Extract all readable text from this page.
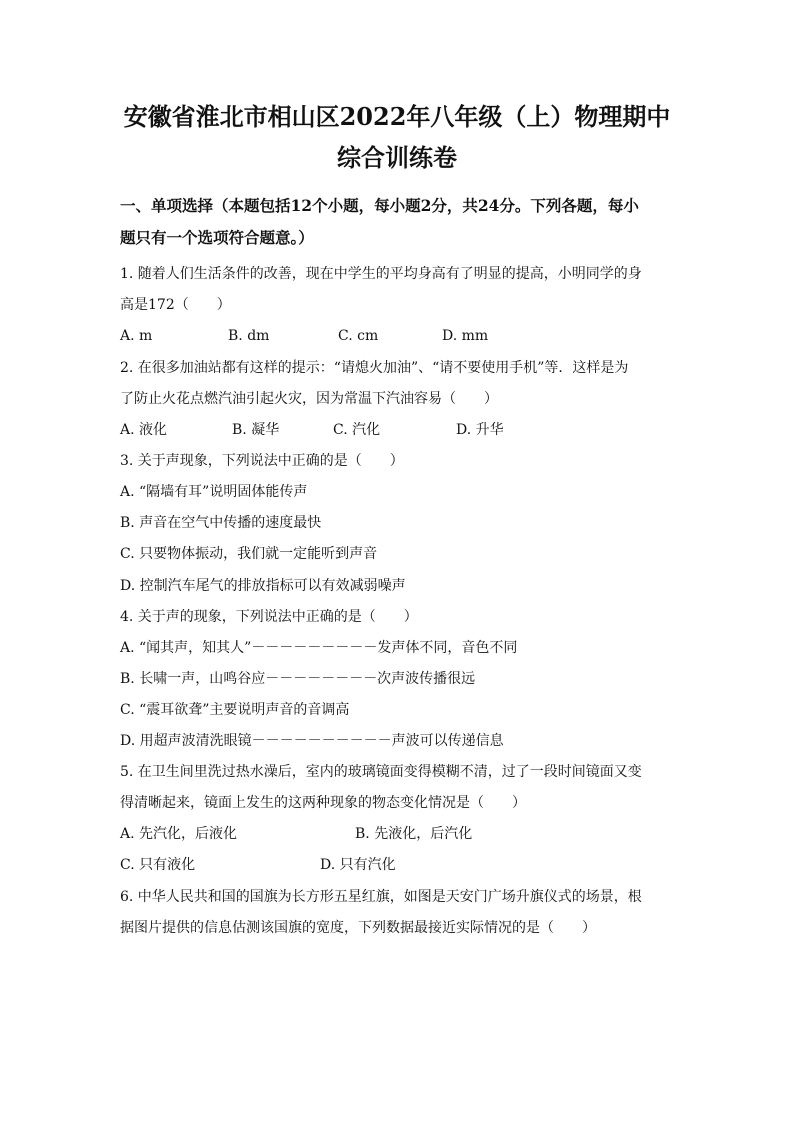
安徽省淮北市相山区2022年八年级（上）物理期中
综合训练卷

一、单项选择（本题包括12个小题，每小题2分，共24分。下列各题，每小

题只有一个选项符合题意。）

1. 随着人们生活条件的改善，现在中学生的平均身高有了明显的提高，小明同学的身

高是172（　　）

A. m	B. dm	C. cm	D. mm

2. 在很多加油站都有这样的提示：“请熄火加油”、“请不要使用手机”等．这样是为

了防止火花点燃汽油引起火灾，因为常温下汽油容易（　　）

A. 液化	B. 凝华	C. 汽化	D. 升华

3. 关于声现象，下列说法中正确的是（　　）

A. “隔墙有耳”说明固体能传声

B. 声音在空气中传播的速度最快

C. 只要物体振动，我们就一定能听到声音

D. 控制汽车尾气的排放指标可以有效减弱噪声

4. 关于声的现象，下列说法中正确的是（　　）

A. “闻其声，知其人”－－－－－－－－－发声体不同，音色不同

B. 长啸一声，山鸣谷应－－－－－－－－次声波传播很远

C. “震耳欲聋”主要说明声音的音调高

D. 用超声波清洗眼镜－－－－－－－－－－声波可以传递信息

5. 在卫生间里洗过热水澡后，室内的玻璃镜面变得模糊不清，过了一段时间镜面又变

得清晰起来，镜面上发生的这两种现象的物态变化情况是（　　）

A. 先汽化，后液化	B. 先液化，后汽化
C. 只有液化	D. 只有汽化

6. 中华人民共和国的国旗为长方形五星红旗，如图是天安门广场升旗仪式的场景，根

据图片提供的信息估测该国旗的宽度，下列数据最接近实际情况的是（　　）
